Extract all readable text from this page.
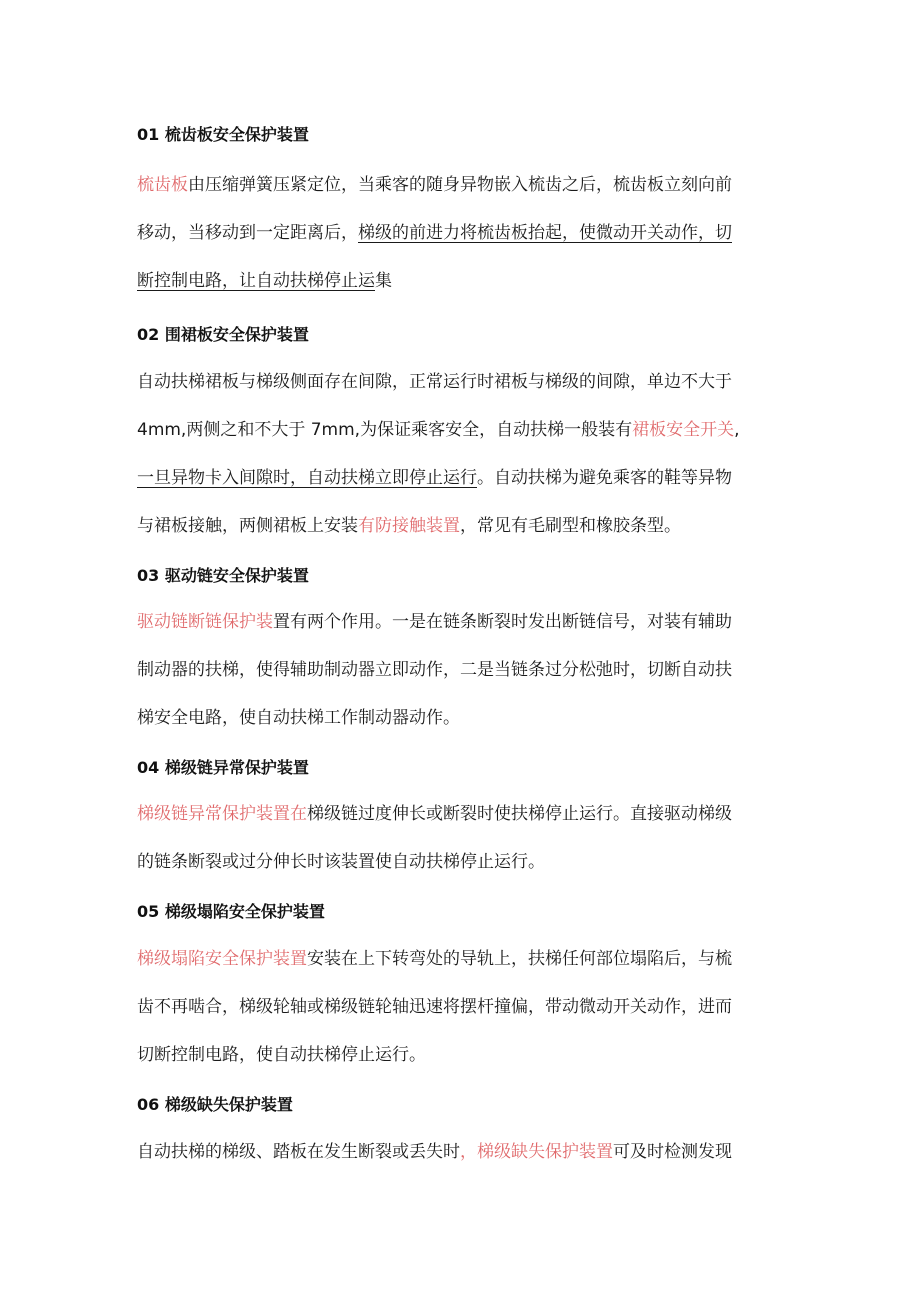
01 梳齿板安全保护装置
梳齿板由压缩弹簧压紧定位，当乘客的随身异物嵌入梳齿之后，梳齿板立刻向前
移动，当移动到一定距离后，梯级的前进力将梳齿板抬起，使微动开关动作，切
断控制电路，让自动扶梯停止运集
02 围裙板安全保护装置
自动扶梯裙板与梯级侧面存在间隙，正常运行时裙板与梯级的间隙，单边不大于
4mm,两侧之和不大于 7mm,为保证乘客安全，自动扶梯一般装有裙板安全开关,
一旦异物卡入间隙时，自动扶梯立即停止运行。自动扶梯为避免乘客的鞋等异物
与裙板接触，两侧裙板上安装有防接触装置，常见有毛刷型和橡胶条型。
03 驱动链安全保护装置
驱动链断链保护装置有两个作用。一是在链条断裂时发出断链信号，对装有辅助
制动器的扶梯，使得辅助制动器立即动作，二是当链条过分松弛时，切断自动扶
梯安全电路，使自动扶梯工作制动器动作。
04 梯级链异常保护装置
梯级链异常保护装置在梯级链过度伸长或断裂时使扶梯停止运行。直接驱动梯级
的链条断裂或过分伸长时该装置使自动扶梯停止运行。
05 梯级塌陷安全保护装置
梯级塌陷安全保护装置安装在上下转弯处的导轨上，扶梯任何部位塌陷后，与梳
齿不再啮合，梯级轮轴或梯级链轮轴迅速将摆杆撞偏，带动微动开关动作，进而
切断控制电路，使自动扶梯停止运行。
06 梯级缺失保护装置
自动扶梯的梯级、踏板在发生断裂或丢失时，梯级缺失保护装置可及时检测发现
